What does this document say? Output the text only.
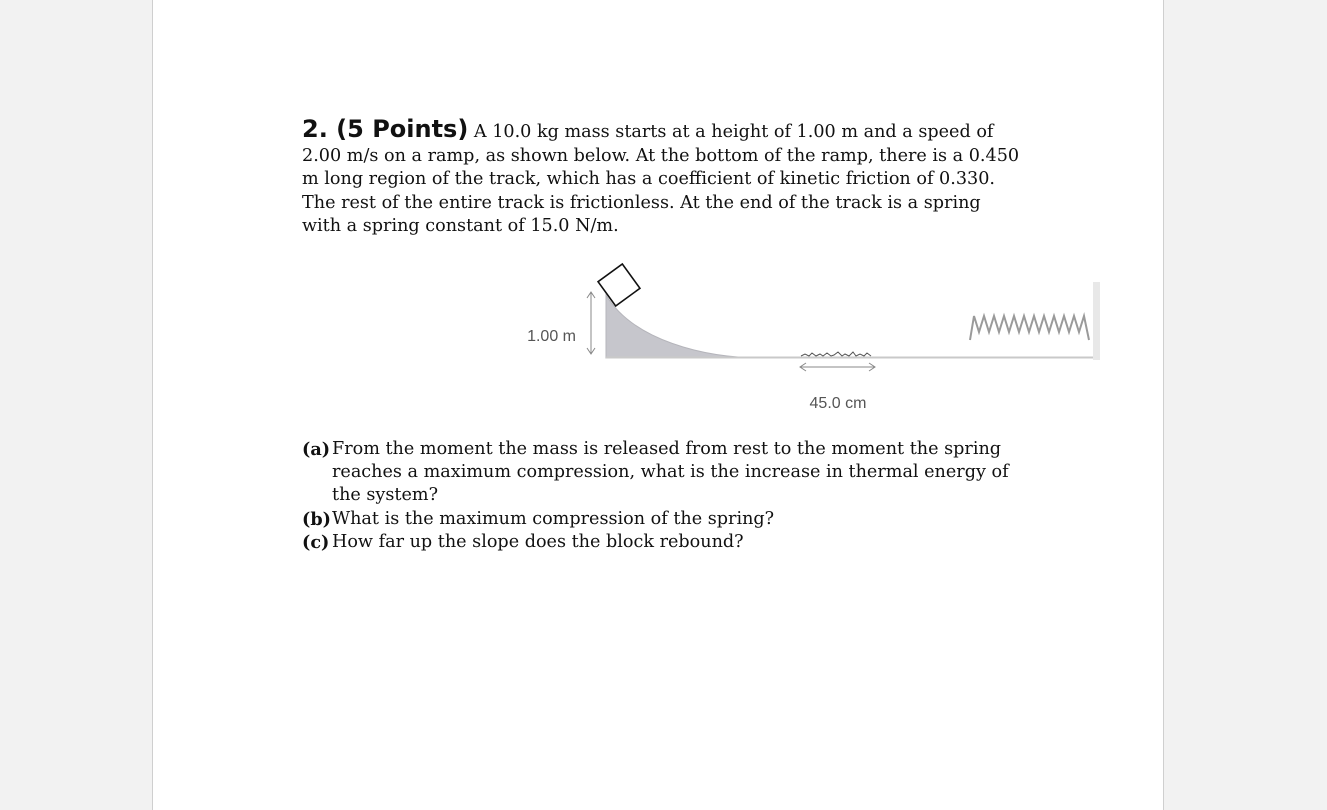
2. (5 Points) A 10.0 kg mass starts at a height of 1.00 m and a speed of 2.00 m/s on a ramp, as shown below. At the bottom of the ramp, there is a 0.450 m long region of the track, which has a coefficient of kinetic friction of 0.330. The rest of the entire track is frictionless. At the end of the track is a spring with a spring constant of 15.0 N/m.
1.00 m
45.0 cm
(a) From the moment the mass is released from rest to the moment the spring reaches a maximum compression, what is the increase in thermal energy of the system?
(b) What is the maximum compression of the spring?
(c) How far up the slope does the block rebound?
